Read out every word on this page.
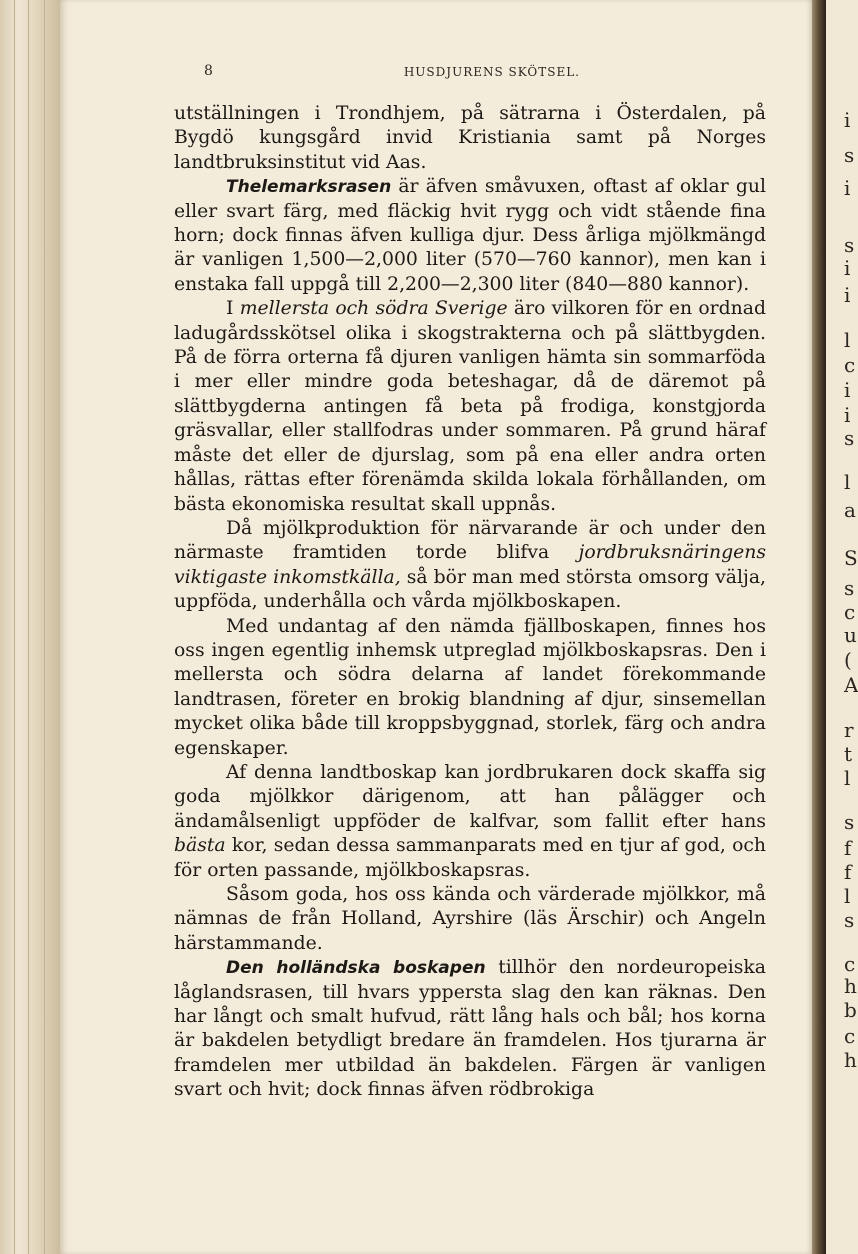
i
s
i
s
i
i
l
c
i
i
s
l
a
S
s
c
u
(
A
r
t
l
s
f
f
l
s
c
h
b
c
h
8	HUSDJURENS SKÖTSEL.

utställningen i Trondhjem, på sätrarna i Österdalen, på Bygdö kungsgård invid Kristiania samt på Norges landtbruksinstitut vid Aas.

Thelemarksrasen är äfven småvuxen, oftast af oklar gul eller svart färg, med fläckig hvit rygg och vidt stående fina horn; dock finnas äfven kulliga djur. Dess årliga mjölkmängd är vanligen 1,500—2,000 liter (570—760 kannor), men kan i enstaka fall uppgå till 2,200—2,300 liter (840—880 kannor).

I mellersta och södra Sverige äro vilkoren för en ordnad ladugårdsskötsel olika i skogstrakterna och på slättbygden. På de förra orterna få djuren vanligen hämta sin sommarföda i mer eller mindre goda beteshagar, då de däremot på slättbygderna antingen få beta på frodiga, konstgjorda gräsvallar, eller stallfodras under sommaren. På grund häraf måste det eller de djurslag, som på ena eller andra orten hållas, rättas efter förenämda skilda lokala förhållanden, om bästa ekonomiska resultat skall uppnås.

Då mjölkproduktion för närvarande är och under den närmaste framtiden torde blifva jordbruksnäringens viktigaste inkomstkälla, så bör man med största omsorg välja, uppföda, underhålla och vårda mjölkboskapen.

Med undantag af den nämda fjällboskapen, finnes hos oss ingen egentlig inhemsk utpreglad mjölkboskapsras. Den i mellersta och södra delarna af landet förekommande landtrasen, företer en brokig blandning af djur, sinsemellan mycket olika både till kroppsbyggnad, storlek, färg och andra egenskaper.

Af denna landtboskap kan jordbrukaren dock skaffa sig goda mjölkkor därigenom, att han pålägger och ändamålsenligt uppföder de kalfvar, som fallit efter hans bästa kor, sedan dessa sammanparats med en tjur af god, och för orten passande, mjölkboskapsras.

Såsom goda, hos oss kända och värderade mjölkkor, må nämnas de från Holland, Ayrshire (läs Ärschir) och Angeln härstammande.

Den holländska boskapen tillhör den nordeuropeiska låglandsrasen, till hvars yppersta slag den kan räknas. Den har långt och smalt hufvud, rätt lång hals och bål; hos korna är bakdelen betydligt bredare än framdelen. Hos tjurarna är framdelen mer utbildad än bakdelen. Färgen är vanligen svart och hvit; dock finnas äfven rödbrokiga
